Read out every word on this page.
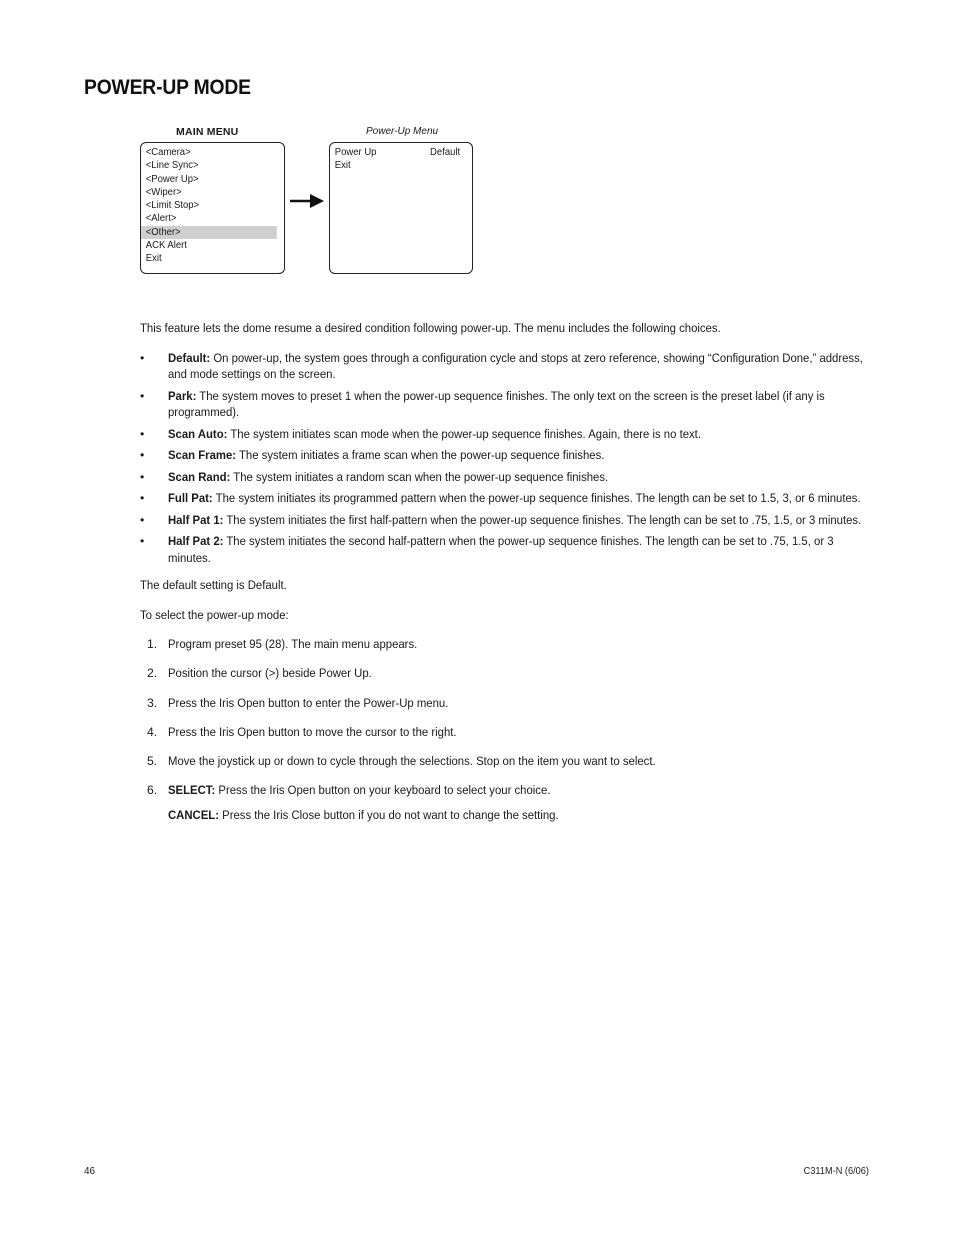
POWER-UP MODE
MAIN MENU	Power-Up Menu
<Camera>
<Line Sync>
<Power Up>
<Wiper>
<Limit Stop>
<Alert>
<Other>
ACK Alert
Exit
Power Up	Default
Exit

This feature lets the dome resume a desired condition following power-up. The menu includes the following choices.

• Default: On power-up, the system goes through a configuration cycle and stops at zero reference, showing “Configuration Done,” address, and mode settings on the screen.
• Park: The system moves to preset 1 when the power-up sequence finishes. The only text on the screen is the preset label (if any is programmed).
• Scan Auto: The system initiates scan mode when the power-up sequence finishes. Again, there is no text.
• Scan Frame: The system initiates a frame scan when the power-up sequence finishes.
• Scan Rand: The system initiates a random scan when the power-up sequence finishes.
• Full Pat: The system initiates its programmed pattern when the power-up sequence finishes. The length can be set to 1.5, 3, or 6 minutes.
• Half Pat 1: The system initiates the first half-pattern when the power-up sequence finishes. The length can be set to .75, 1.5, or 3 minutes.
• Half Pat 2: The system initiates the second half-pattern when the power-up sequence finishes. The length can be set to .75, 1.5, or 3 minutes.

The default setting is Default.

To select the power-up mode:

1. Program preset 95 (28). The main menu appears.
2. Position the cursor (>) beside Power Up.
3. Press the Iris Open button to enter the Power-Up menu.
4. Press the Iris Open button to move the cursor to the right.
5. Move the joystick up or down to cycle through the selections. Stop on the item you want to select.
6. SELECT: Press the Iris Open button on your keyboard to select your choice.
CANCEL: Press the Iris Close button if you do not want to change the setting.
46	C311M-N (6/06)
